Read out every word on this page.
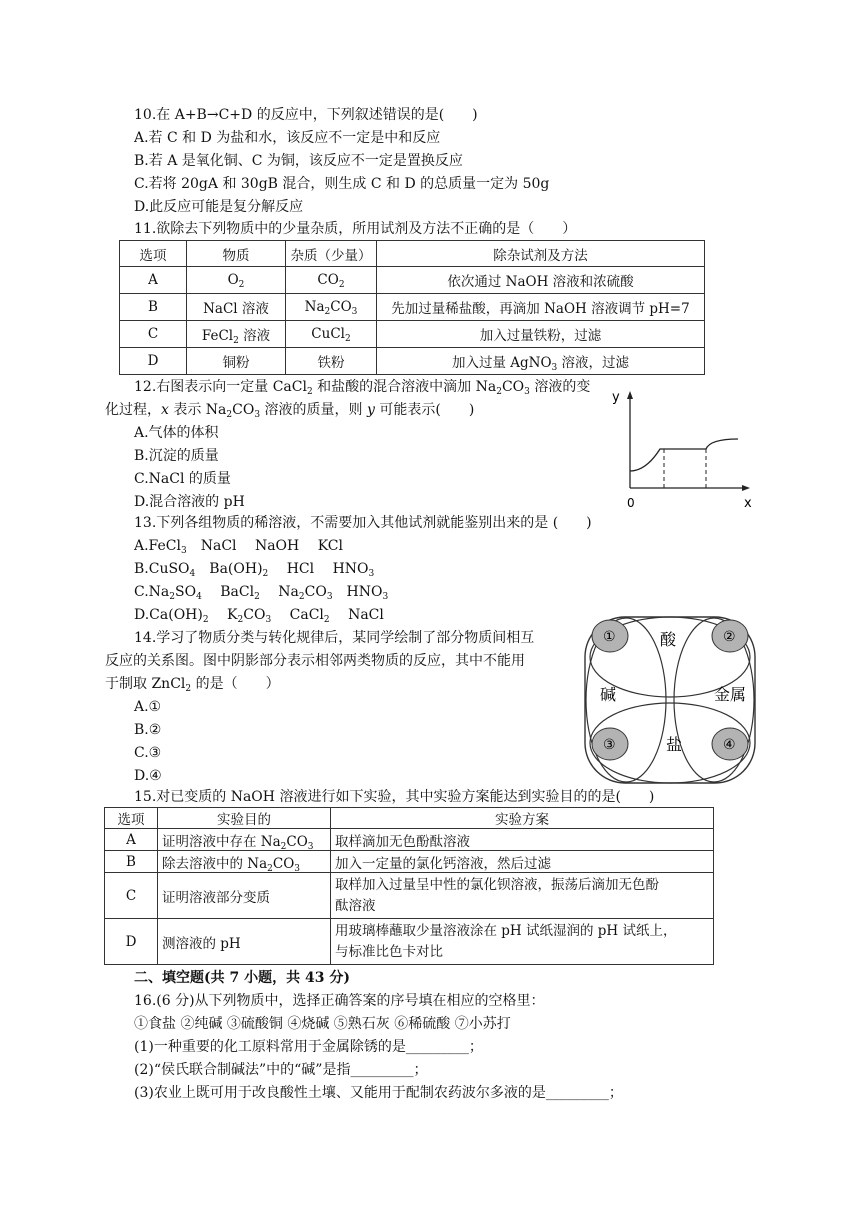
10.在 A+B→C+D 的反应中，下列叙述错误的是(　　)
A.若 C 和 D 为盐和水，该反应不一定是中和反应
B.若 A 是氧化铜、C 为铜，该反应不一定是置换反应
C.若将 20gA 和 30gB 混合，则生成 C 和 D 的总质量一定为 50g
D.此反应可能是复分解反应
11.欲除去下列物质中的少量杂质，所用试剂及方法不正确的是（　　）
选项	物质	杂质（少量）	除杂试剂及方法
A	$O_2$	$CO_2$	依次通过 NaOH 溶液和浓硫酸
B	NaCl 溶液	$Na_2CO_3$	先加过量稀盐酸，再滴加 NaOH 溶液调节 pH=7
C	FeCl$_2$ 溶液	CuCl$_2$	加入过量铁粉，过滤
D	铜粉	铁粉	加入过量 AgNO$_3$ 溶液，过滤
12.右图表示向一定量 CaCl$_2$ 和盐酸的混合溶液中滴加 $Na_2CO_3$ 溶液的变
化过程，x 表示 $Na_2CO_3$ 溶液的质量，则 y 可能表示(　　)
A.气体的体积
B.沉淀的质量
C.NaCl 的质量
D.混合溶液的 pH
y
x
0
13.下列各组物质的稀溶液，不需要加入其他试剂就能鉴别出来的是 (　　)
A.FeCl$_3$　NaCl　 NaOH　 KCl
B.CuSO$_4$　$Ba(OH)_2$　 HCl　 $HNO_3$
$C.Na_2SO_4$　 BaCl$_2$　 $Na_2CO_3$　$HNO_3$
$D.Ca(OH)_2$　 $K_2CO_3$　 CaCl$_2$　 NaCl
14.学习了物质分类与转化规律后，某同学绘制了部分物质间相互
反应的关系图。图中阴影部分表示相邻两类物质的反应，其中不能用
于制取 ZnCl$_2$ 的是（　　）
A.①
B.②
C.③
D.④
①	②
③	④
酸
碱	金属
盐
15.对已变质的 NaOH 溶液进行如下实验，其中实验方案能达到实验目的的是(　　)
选项	实验目的	实验方案
A	证明溶液中存在 $Na_2CO_3$	取样滴加无色酚酞溶液
B	除去溶液中的 $Na_2CO_3$	加入一定量的氯化钙溶液，然后过滤
C	证明溶液部分变质	取样加入过量呈中性的氯化钡溶液，振荡后滴加无色酚
酞溶液

D	测溶液的 pH	用玻璃棒蘸取少量溶液涂在 pH 试纸湿润的 pH 试纸上，
与标准比色卡对比
二、填空题(共 7 小题，共 43 分)
16.(6 分)从下列物质中，选择正确答案的序号填在相应的空格里：
①食盐 ②纯碱 ③硫酸铜 ④烧碱 ⑤熟石灰 ⑥稀硫酸 ⑦小苏打
(1)一种重要的化工原料常用于金属除锈的是_________；
(2)“侯氏联合制碱法”中的“碱”是指_________；
(3)农业上既可用于改良酸性土壤、又能用于配制农药波尔多液的是_________；
